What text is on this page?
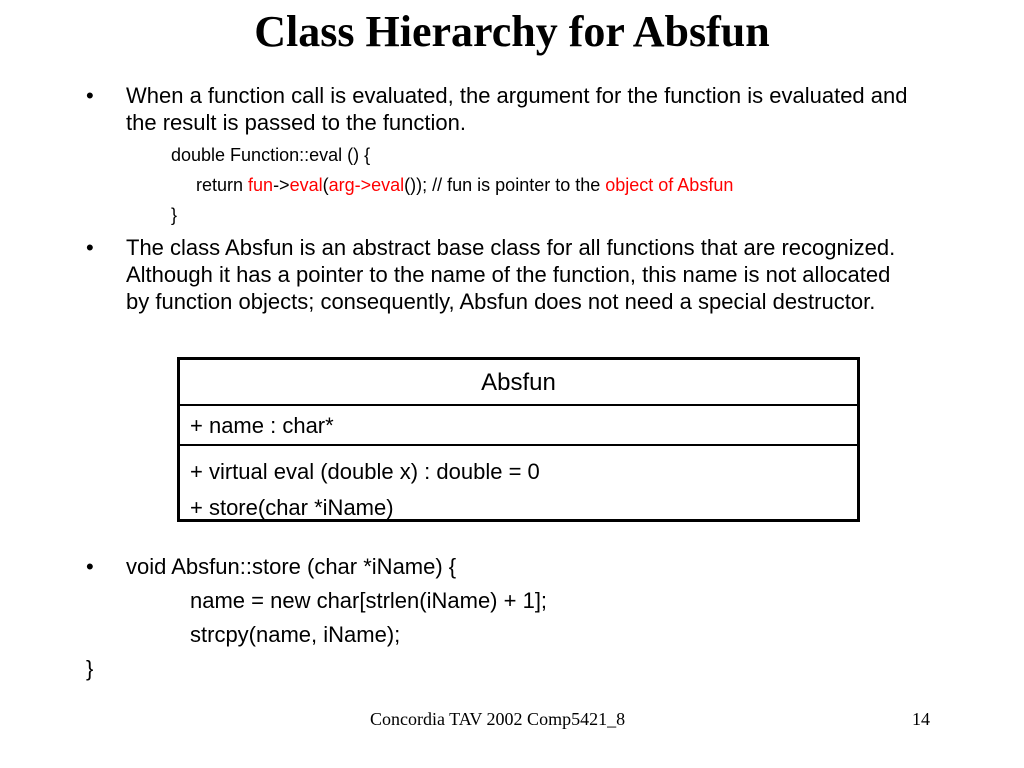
Class Hierarchy for Absfun
• When a function call is evaluated, the argument for the function is evaluated and the result is passed to the function.
double Function::eval () {
return fun->eval(arg->eval()); // fun is pointer to the object of Absfun
}
• The class Absfun is an abstract base class for all functions that are recognized. Although it has a pointer to the name of the function, this name is not allocated by function objects; consequently, Absfun does not need a special destructor.
Absfun
+ name : char*
+ virtual eval (double x) : double = 0
+ store(char *iName)
• void Absfun::store (char *iName) {
name = new char[strlen(iName) + 1];
strcpy(name, iName);
}
Concordia TAV 2002 Comp5421_8	14
